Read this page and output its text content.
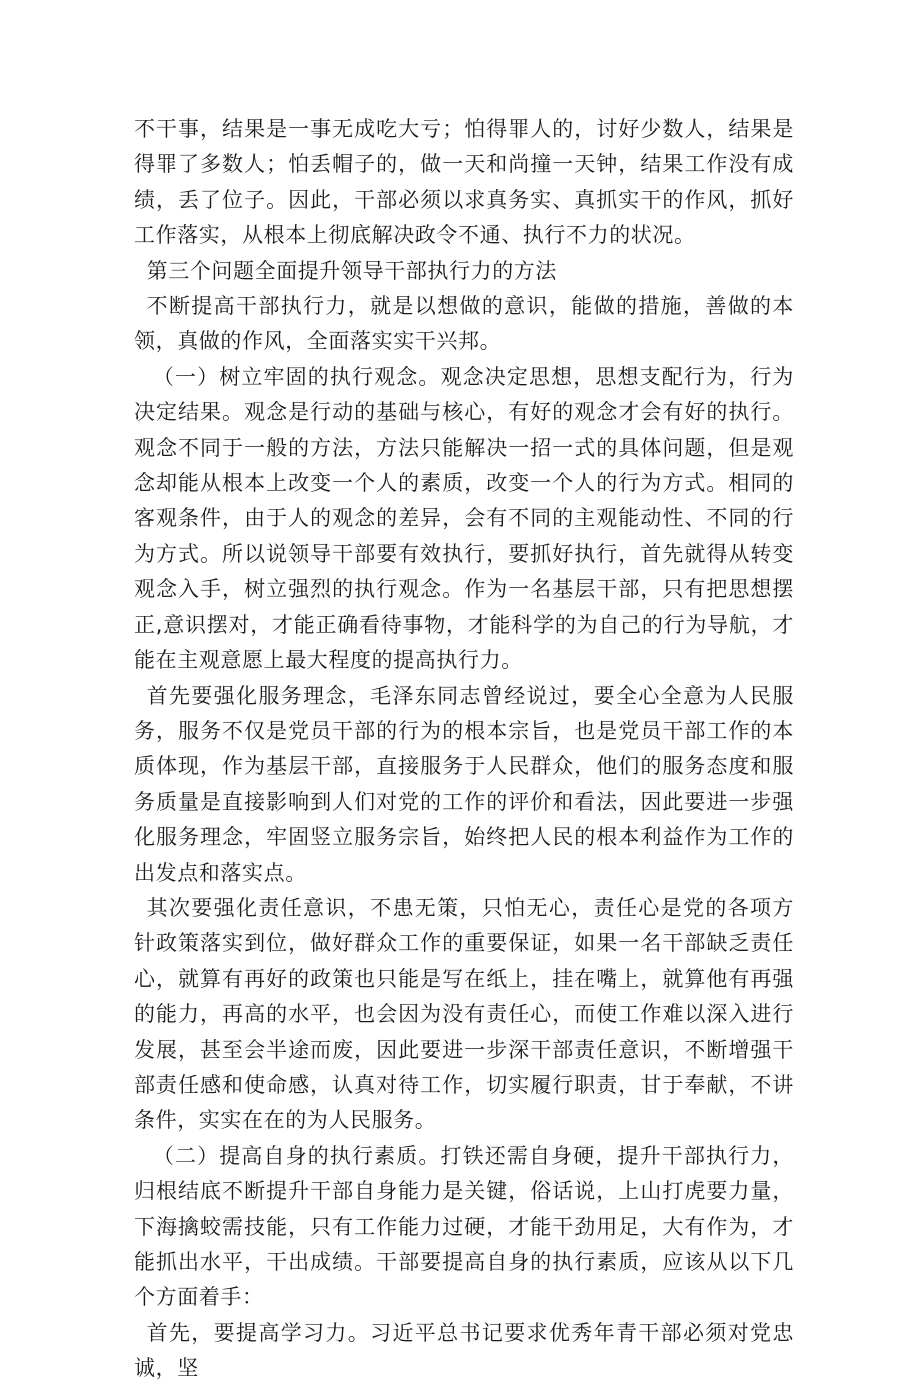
不干事，结果是一事无成吃大亏；怕得罪人的，讨好少数人，结果是得罪了多数人；怕丢帽子的，做一天和尚撞一天钟，结果工作没有成绩，丢了位子。因此，干部必须以求真务实、真抓实干的作风，抓好工作落实，从根本上彻底解决政令不通、执行不力的状况。

第三个问题全面提升领导干部执行力的方法

不断提高干部执行力，就是以想做的意识，能做的措施，善做的本领，真做的作风，全面落实实干兴邦。

（一）树立牢固的执行观念。观念决定思想，思想支配行为，行为决定结果。观念是行动的基础与核心，有好的观念才会有好的执行。观念不同于一般的方法，方法只能解决一招一式的具体问题，但是观念却能从根本上改变一个人的素质，改变一个人的行为方式。相同的客观条件，由于人的观念的差异，会有不同的主观能动性、不同的行为方式。所以说领导干部要有效执行，要抓好执行，首先就得从转变观念入手，树立强烈的执行观念。作为一名基层干部，只有把思想摆正,意识摆对，才能正确看待事物，才能科学的为自己的行为导航，才能在主观意愿上最大程度的提高执行力。

首先要强化服务理念，毛泽东同志曾经说过，要全心全意为人民服务，服务不仅是党员干部的行为的根本宗旨，也是党员干部工作的本质体现，作为基层干部，直接服务于人民群众，他们的服务态度和服务质量是直接影响到人们对党的工作的评价和看法，因此要进一步强化服务理念，牢固竖立服务宗旨，始终把人民的根本利益作为工作的出发点和落实点。

其次要强化责任意识，不患无策，只怕无心，责任心是党的各项方针政策落实到位，做好群众工作的重要保证，如果一名干部缺乏责任心，就算有再好的政策也只能是写在纸上，挂在嘴上，就算他有再强的能力，再高的水平，也会因为没有责任心，而使工作难以深入进行发展，甚至会半途而废，因此要进一步深干部责任意识，不断增强干部责任感和使命感，认真对待工作，切实履行职责，甘于奉献，不讲条件，实实在在的为人民服务。

（二）提高自身的执行素质。打铁还需自身硬，提升干部执行力，归根结底不断提升干部自身能力是关键，俗话说，上山打虎要力量，下海擒蛟需技能，只有工作能力过硬，才能干劲用足，大有作为，才能抓出水平，干出成绩。干部要提高自身的执行素质，应该从以下几个方面着手：

首先，要提高学习力。习近平总书记要求优秀年青干部必须对党忠诚，坚
